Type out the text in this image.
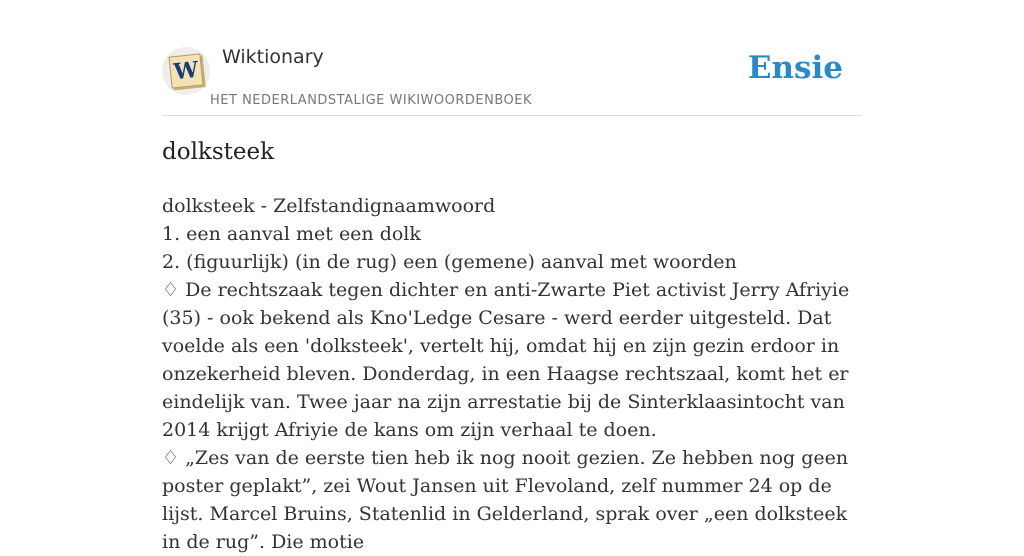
W Wiktionary
HET NEDERLANDSTALIGE WIKIWOORDENBOEK
Ensie
dolksteek

dolksteek - Zelfstandignaamwoord

1. een aanval met een dolk

2. (figuurlijk) (in de rug) een (gemene) aanval met woorden

♢ De rechtszaak tegen dichter en anti-Zwarte Piet activist Jerry Afriyie (35) - ook bekend als Kno'Ledge Cesare - werd eerder uitgesteld. Dat voelde als een 'dolksteek', vertelt hij, omdat hij en zijn gezin erdoor in onzekerheid bleven. Donderdag, in een Haagse rechtszaal, komt het er eindelijk van. Twee jaar na zijn arrestatie bij de Sinterklaasintocht van 2014 krijgt Afriyie de kans om zijn verhaal te doen.

♢ „Zes van de eerste tien heb ik nog nooit gezien. Ze hebben nog geen poster geplakt”, zei Wout Jansen uit Flevoland, zelf nummer 24 op de lijst. Marcel Bruins, Statenlid in Gelderland, sprak over „een dolksteek in de rug”. Die motie
